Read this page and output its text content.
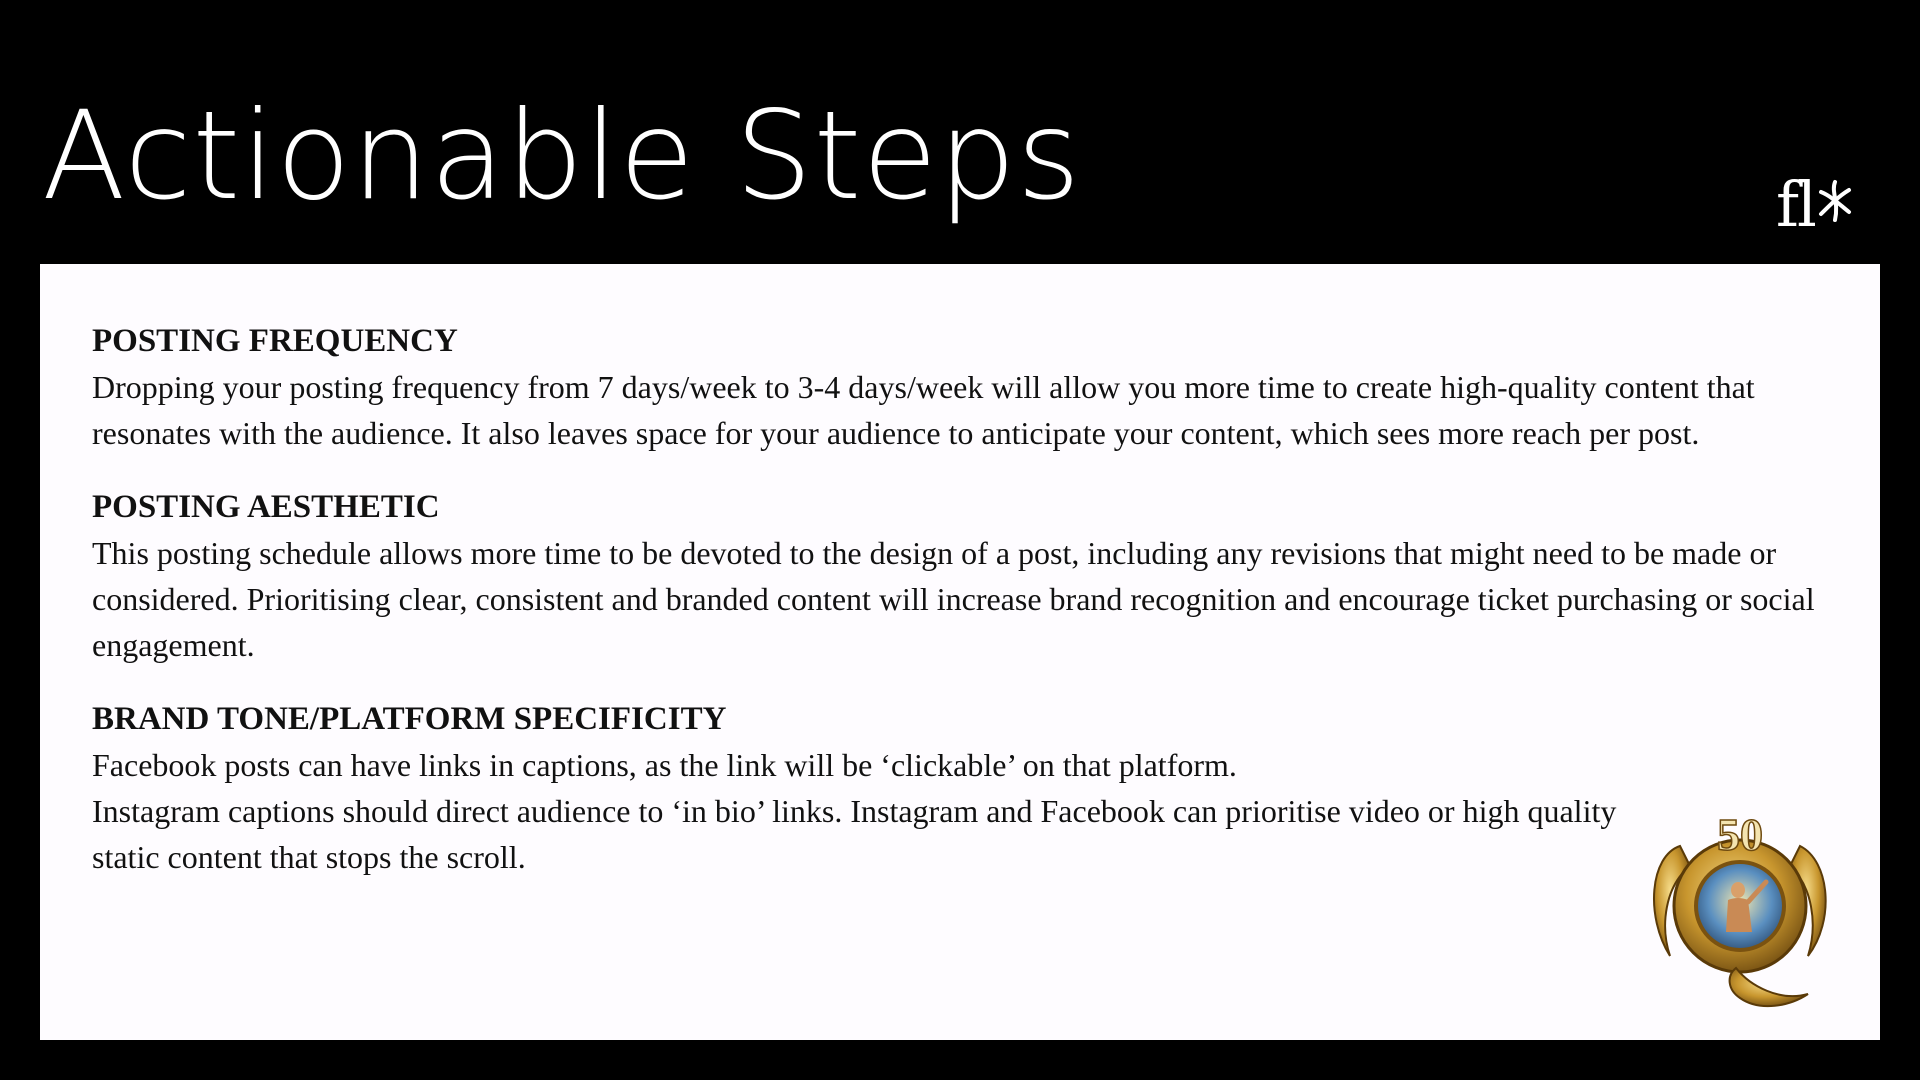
Actionable Steps	fl
POSTING FREQUENCY

Dropping your posting frequency from 7 days/week to 3-4 days/week will allow you more time to create high-quality content that resonates with the audience. It also leaves space for your audience to anticipate your content, which sees more reach per post.

POSTING AESTHETIC

This posting schedule allows more time to be devoted to the design of a post, including any revisions that might need to be made or considered. Prioritising clear, consistent and branded content will increase brand recognition and encourage ticket purchasing or social engagement.

BRAND TONE/PLATFORM SPECIFICITY

Facebook posts can have links in captions, as the link will be ‘clickable’ on that platform.

Instagram captions should direct audience to ‘in bio’ links. Instagram and Facebook can prioritise video or high quality static content that stops the scroll.	50
